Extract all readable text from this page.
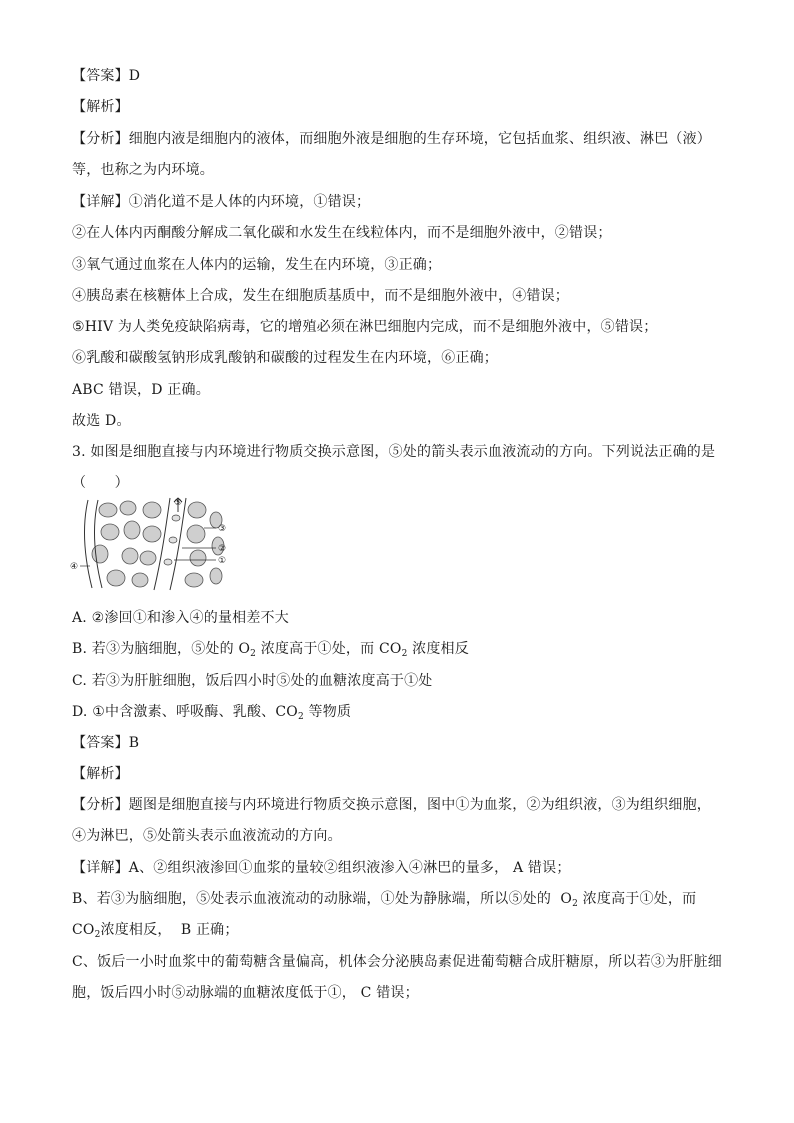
【答案】D
【解析】
【分析】细胞内液是细胞内的液体，而细胞外液是细胞的生存环境，它包括血浆、组织液、淋巴（液）
等，也称之为内环境。
【详解】①消化道不是人体的内环境，①错误；
②在人体内丙酮酸分解成二氧化碳和水发生在线粒体内，而不是细胞外液中，②错误；
③氧气通过血浆在人体内的运输，发生在内环境，③正确；
④胰岛素在核糖体上合成，发生在细胞质基质中，而不是细胞外液中，④错误；
⑤HIV 为人类免疫缺陷病毒，它的增殖必须在淋巴细胞内完成，而不是细胞外液中，⑤错误；
⑥乳酸和碳酸氢钠形成乳酸钠和碳酸的过程发生在内环境，⑥正确；
ABC 错误，D 正确。
故选 D。
3. 如图是细胞直接与内环境进行物质交换示意图，⑤处的箭头表示血液流动的方向。下列说法正确的是
（　　）
⑤
③
②
①
④
A. ②渗回①和渗入④的量相差不大
B. 若③为脑细胞，⑤处的 $O_2$ 浓度高于①处，而 $CO_2$ 浓度相反
C. 若③为肝脏细胞，饭后四小时⑤处的血糖浓度高于①处
D. ①中含激素、呼吸酶、乳酸、$CO_2$ 等物质
【答案】B
【解析】
【分析】题图是细胞直接与内环境进行物质交换示意图，图中①为血浆，②为组织液，③为组织细胞，
④为淋巴，⑤处箭头表示血液流动的方向。
【详解】A、②组织液渗回①血浆的量较②组织液渗入④淋巴的量多， A 错误；
B、若③为脑细胞，⑤处表示血液流动的动脉端，①处为静脉端，所以⑤处的  $O_2$ 浓度高于①处，而
$CO_2$浓度相反，  B 正确；
C、饭后一小时血浆中的葡萄糖含量偏高，机体会分泌胰岛素促进葡萄糖合成肝糖原，所以若③为肝脏细
胞，饭后四小时⑤动脉端的血糖浓度低于①， C 错误；
